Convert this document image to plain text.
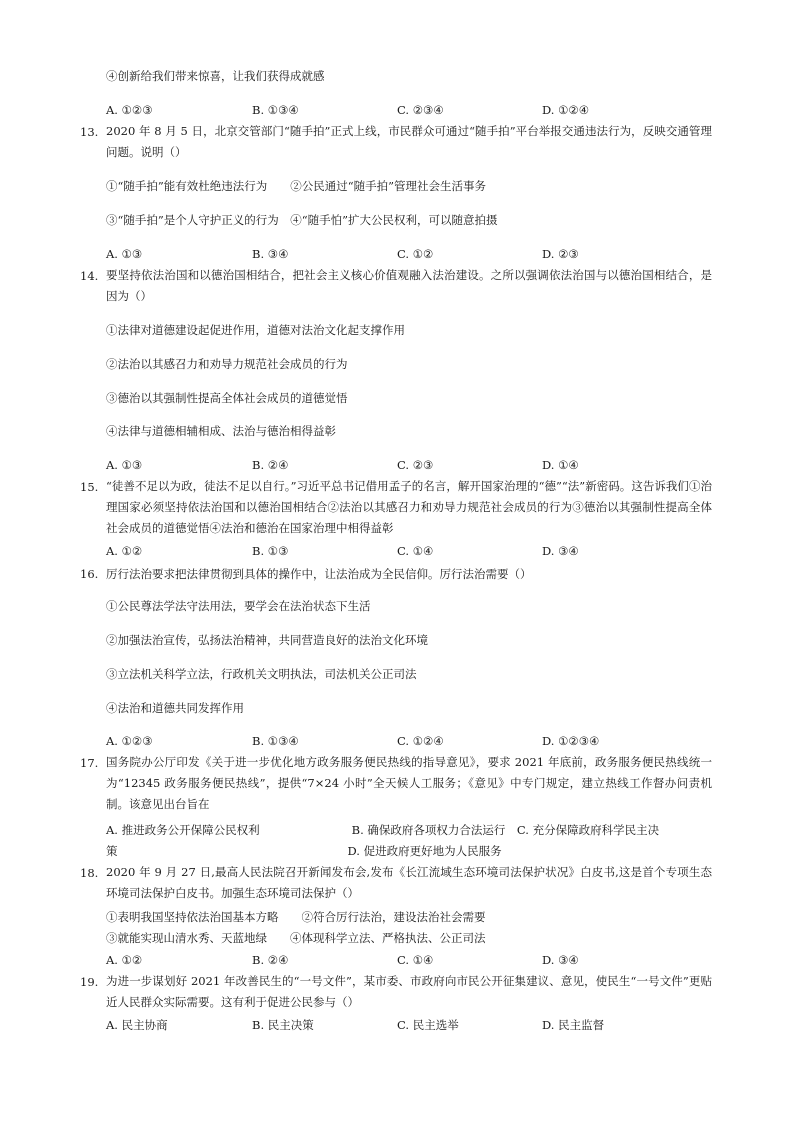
④创新给我们带来惊喜，让我们获得成就感
A. ①②③	B. ①③④	C. ②③④	D. ①②④
13. 2020 年 8 月 5 日，北京交管部门“随手拍”正式上线，市民群众可通过“随手拍”平台举报交通违法行为，反映交通管理问题。说明（）
①“随手拍”能有效杜绝违法行为　　②公民通过“随手拍”管理社会生活事务
③“随手拍”是个人守护正义的行为　④“随手怕”扩大公民权利，可以随意拍摄
A. ①③	B. ③④	C. ①②	D. ②③
14. 要坚持依法治国和以德治国相结合，把社会主义核心价值观融入法治建设。之所以强调依法治国与以德治国相结合，是因为（）
①法律对道德建设起促进作用，道德对法治文化起支撑作用
②法治以其感召力和劝导力规范社会成员的行为
③德治以其强制性提高全体社会成员的道德觉悟
④法律与道德相辅相成、法治与德治相得益彰
A. ①③	B. ②④	C. ②③	D. ①④
15. “徒善不足以为政，徒法不足以自行。”习近平总书记借用孟子的名言，解开国家治理的“德”“法”新密码。这告诉我们①治理国家必须坚持依法治国和以德治国相结合②法治以其感召力和劝导力规范社会成员的行为③德治以其强制性提高全体社会成员的道德觉悟④法治和德治在国家治理中相得益彰
A. ①②	B. ①③	C. ①④	D. ③④
16. 厉行法治要求把法律贯彻到具体的操作中，让法治成为全民信仰。厉行法治需要（）
①公民尊法学法守法用法，要学会在法治状态下生活
②加强法治宣传，弘扬法治精神，共同营造良好的法治文化环境
③立法机关科学立法，行政机关文明执法，司法机关公正司法
④法治和道德共同发挥作用
A. ①②③	B. ①③④	C. ①②④	D. ①②③④
17. 国务院办公厅印发《关于进一步优化地方政务服务便民热线的指导意见》，要求 2021 年底前，政务服务便民热线统一为“12345 政务服务便民热线”，提供“7×24 小时”全天候人工服务；《意见》中专门规定，建立热线工作督办问责机制。该意见出台旨在
A. 推进政务公开保障公民权利　　　　　　　　B. 确保政府各项权力合法运行　C. 充分保障政府科学民主决
策　　　　　　　　　　　　　　　　　　　　D. 促进政府更好地为人民服务
18. 2020 年 9 月 27 日,最高人民法院召开新闻发布会,发布《长江流域生态环境司法保护状况》白皮书,这是首个专项生态环境司法保护白皮书。加强生态环境司法保护（）
①表明我国坚持依法治国基本方略　　②符合厉行法治，建设法治社会需要
③就能实现山清水秀、天蓝地绿　　④体现科学立法、严格执法、公正司法
A. ①②	B. ②④	C. ①④	D. ③④
19. 为进一步谋划好 2021 年改善民生的“一号文件”，某市委、市政府向市民公开征集建议、意见，使民生“一号文件”更贴近人民群众实际需要。这有利于促进公民参与（）
A. 民主协商	B. 民主决策	C. 民主选举	D. 民主监督
